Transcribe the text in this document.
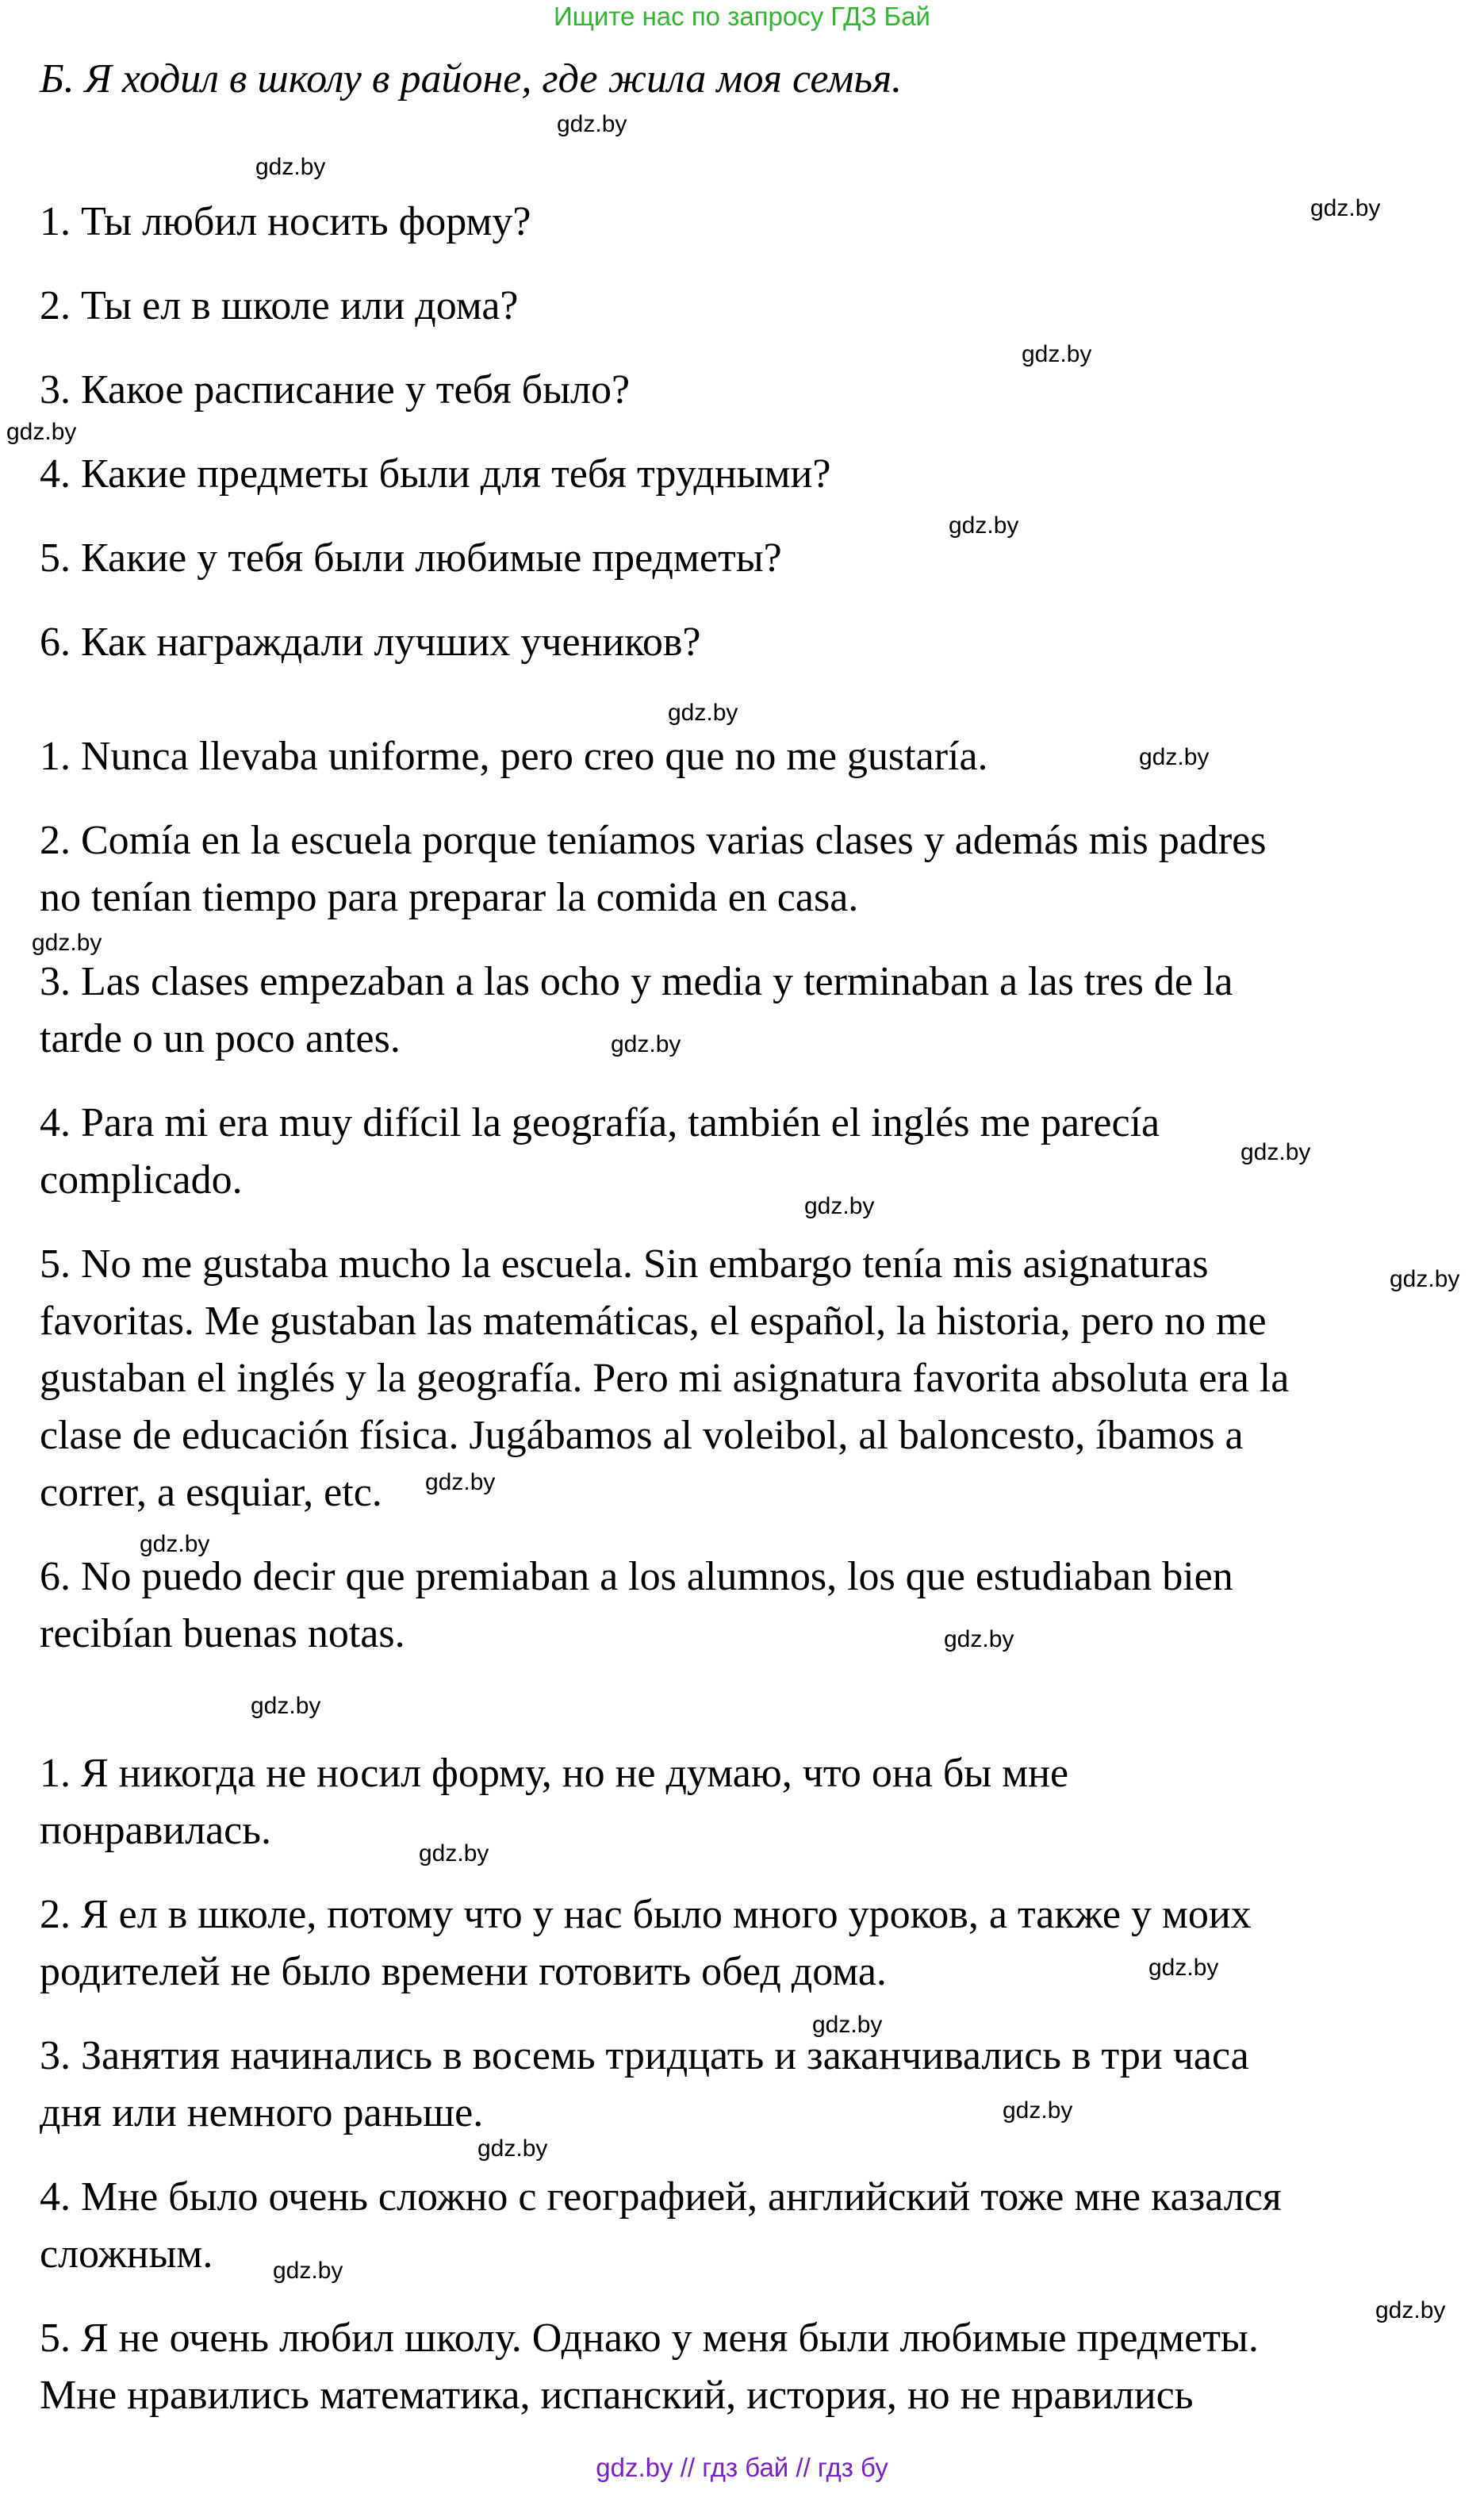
Ищите нас по запросу ГДЗ Бай
Б. Я ходил в школу в районе, где жила моя семья.
1. Ты любил носить форму?
2. Ты ел в школе или дома?
3. Какое расписание у тебя было?
4. Какие предметы были для тебя трудными?
5. Какие у тебя были любимые предметы?
6. Как награждали лучших учеников?
1. Nunca llevaba uniforme, pero creo que no me gustaría.
2. Comía en la escuela porque teníamos varias clases y además mis padres
no tenían tiempo para preparar la comida en casa.
3. Las clases empezaban a las ocho y media y terminaban a las tres de la
tarde o un poco antes.
4. Para mi era muy difícil la geografía, también el inglés me parecía
complicado.
5. No me gustaba mucho la escuela. Sin embargo tenía mis asignaturas
favoritas. Me gustaban las matemáticas, el español, la historia, pero no me
gustaban el inglés y la geografía. Pero mi asignatura favorita absoluta era la
clase de educación física. Jugábamos al voleibol, al baloncesto, íbamos a
correr, a esquiar, etc.
6. No puedo decir que premiaban a los alumnos, los que estudiaban bien
recibían buenas notas.
1. Я никогда не носил форму, но не думаю, что она бы мне
понравилась.
2. Я ел в школе, потому что у нас было много уроков, а также у моих
родителей не было времени готовить обед дома.
3. Занятия начинались в восемь тридцать и заканчивались в три часа
дня или немного раньше.
4. Мне было очень сложно с географией, английский тоже мне казался
сложным.
5. Я не очень любил школу. Однако у меня были любимые предметы.
Мне нравились математика, испанский, история, но не нравились
gdz.by
gdz.by
gdz.by
gdz.by
gdz.by
gdz.by
gdz.by
gdz.by
gdz.by
gdz.by
gdz.by
gdz.by
gdz.by
gdz.by
gdz.by
gdz.by
gdz.by
gdz.by
gdz.by
gdz.by
gdz.by
gdz.by
gdz.by
gdz.by
gdz.by // гдз бай // гдз бу
